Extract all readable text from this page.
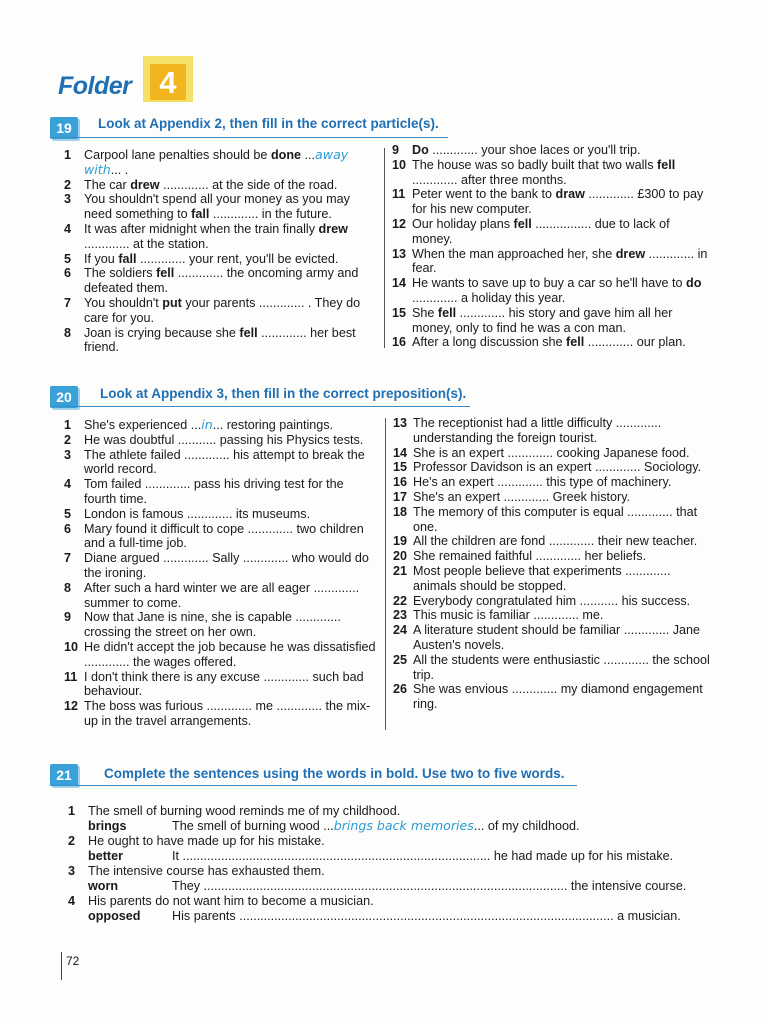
4
Folder
19	Look at Appendix 2, then fill in the correct particle(s).
1	Carpool lane penalties should be done ...away with... .
2	The car drew ............. at the side of the road.
3	You shouldn't spend all your money as you may need something to fall ............. in the future.
4	It was after midnight when the train finally drew ............. at the station.
5	If you fall ............. your rent, you'll be evicted.
6	The soldiers fell ............. the oncoming army and defeated them.
7	You shouldn't put your parents ............. . They do care for you.
8	Joan is crying because she fell ............. her best friend.
9	Do ............. your shoe laces or you'll trip.
10 The house was so badly built that two walls fell ............. after three months.
11 Peter went to the bank to draw ............. £300 to pay for his new computer.
12 Our holiday plans fell ................ due to lack of money.
13 When the man approached her, she drew ............. in fear.
14 He wants to save up to buy a car so he'll have to do ............. a holiday this year.
15 She fell ............. his story and gave him all her money, only to find he was a con man.
16 After a long discussion she fell ............. our plan.
20	Look at Appendix 3, then fill in the correct preposition(s).
1	She's experienced ...in... restoring paintings.
2	He was doubtful ........... passing his Physics tests.
3	The athlete failed ............. his attempt to break the world record.
4	Tom failed ............. pass his driving test for the fourth time.
5	London is famous ............. its museums.
6	Mary found it difficult to cope ............. two children and a full-time job.
7	Diane argued ............. Sally ............. who would do the ironing.
8	After such a hard winter we are all eager ............. summer to come.
9	Now that Jane is nine, she is capable ............. crossing the street on her own.
10 He didn't accept the job because he was dissatisfied ............. the wages offered.
11 I don't think there is any excuse ............. such bad behaviour.
12 The boss was furious ............. me ............. the mix-up in the travel arrangements.
13 The receptionist had a little difficulty ............. understanding the foreign tourist.
14 She is an expert ............. cooking Japanese food.
15 Professor Davidson is an expert ............. Sociology.
16 He's an expert ............. this type of machinery.
17 She's an expert ............. Greek history.
18 The memory of this computer is equal ............. that one.
19 All the children are fond ............. their new teacher.
20 She remained faithful ............. her beliefs.
21 Most people believe that experiments ............. animals should be stopped.
22 Everybody congratulated him ........... his success.
23 This music is familiar ............. me.
24 A literature student should be familiar ............. Jane Austen's novels.
25 All the students were enthusiastic ............. the school trip.
26 She was envious ............. my diamond engagement ring.
21	Complete the sentences using the words in bold. Use two to five words.
1 The smell of burning wood reminds me of my childhood.
brings	The smell of burning wood ...brings back memories... of my childhood.
2 He ought to have made up for his mistake.
better	It ........................................................................................ he had made up for his mistake.
3 The intensive course has exhausted them.
worn	They ........................................................................................................ the intensive course.
4 His parents do not want him to become a musician.
opposed	His parents ........................................................................................................... a musician.
72
